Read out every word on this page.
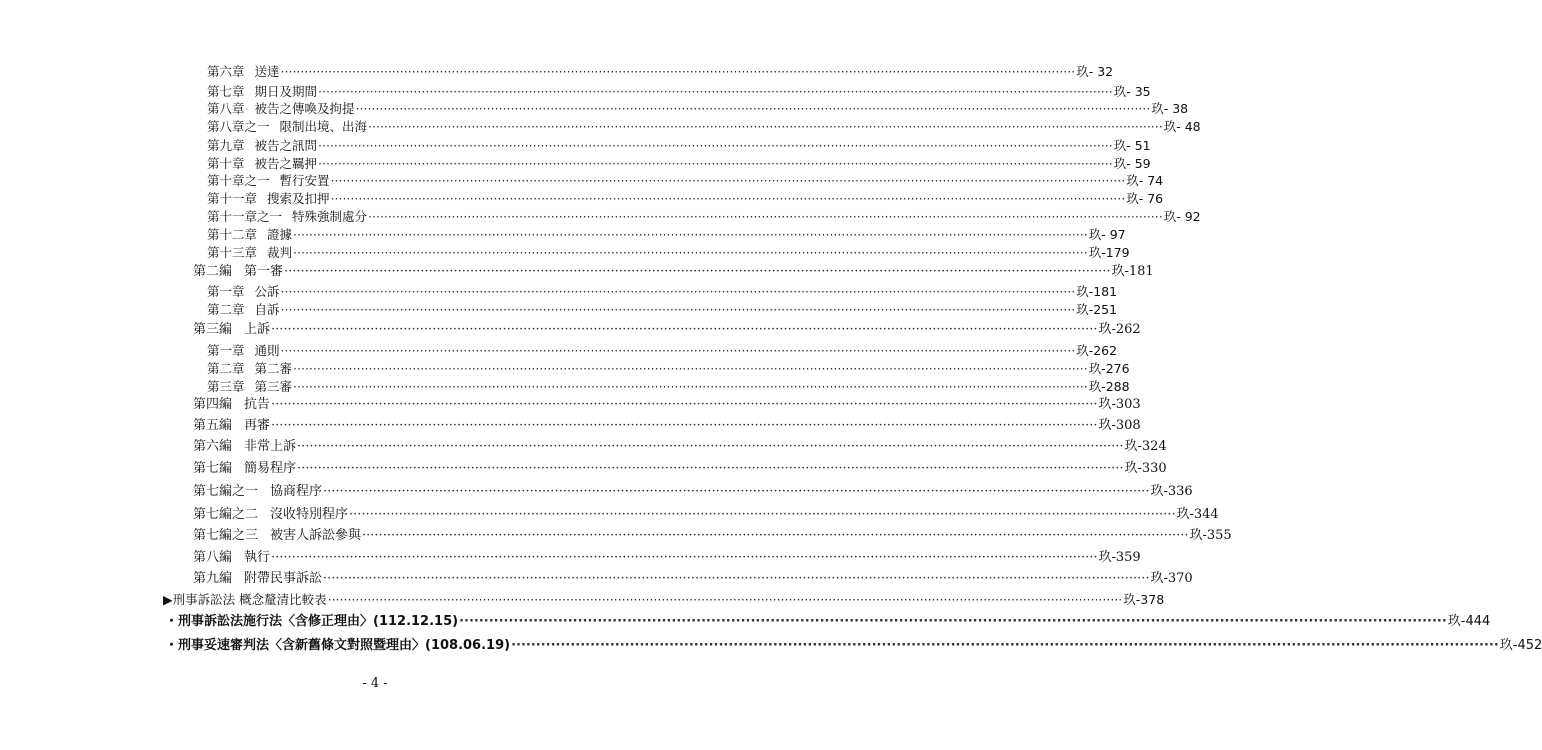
第六章 送達 ········································································································································································································ 玖- 32
第七章 期日及期間 ········································································································································································································ 玖- 35
第八章 被告之傳喚及拘提 ········································································································································································································ 玖- 38
第八章之一 限制出境、出海 ········································································································································································································ 玖- 48
第九章 被告之訊問 ········································································································································································································ 玖- 51
第十章 被告之羈押 ········································································································································································································ 玖- 59
第十章之一 暫行安置 ········································································································································································································ 玖- 74
第十一章 搜索及扣押 ········································································································································································································ 玖- 76
第十一章之一 特殊強制處分 ········································································································································································································ 玖- 92
第十二章 證據 ········································································································································································································ 玖- 97
第十三章 裁判 ········································································································································································································ 玖-179
第二編 第一審 ········································································································································································································ 玖-181
第一章 公訴 ········································································································································································································ 玖-181
第二章 自訴 ········································································································································································································ 玖-251
第三編 上訴 ········································································································································································································ 玖-262
第一章 通則 ········································································································································································································ 玖-262
第二章 第二審 ········································································································································································································ 玖-276
第三章 第三審 ········································································································································································································ 玖-288
第四編 抗告 ········································································································································································································ 玖-303
第五編 再審 ········································································································································································································ 玖-308
第六編 非常上訴 ········································································································································································································ 玖-324
第七編 簡易程序 ········································································································································································································ 玖-330
第七編之一 協商程序 ········································································································································································································ 玖-336
第七編之二 沒收特別程序 ········································································································································································································ 玖-344
第七編之三 被害人訴訟參與 ········································································································································································································ 玖-355
第八編 執行 ········································································································································································································ 玖-359
第九編 附帶民事訴訟 ········································································································································································································ 玖-370
▶刑事訴訟法 概念釐清比較表 ········································································································································································································ 玖-378
・刑事訴訟法施行法〈含修正理由〉(112.12.15) ········································································································································································································ 玖-444
・刑事妥速審判法〈含新舊條文對照暨理由〉(108.06.19) ········································································································································································································ 玖-452
- 4 -
